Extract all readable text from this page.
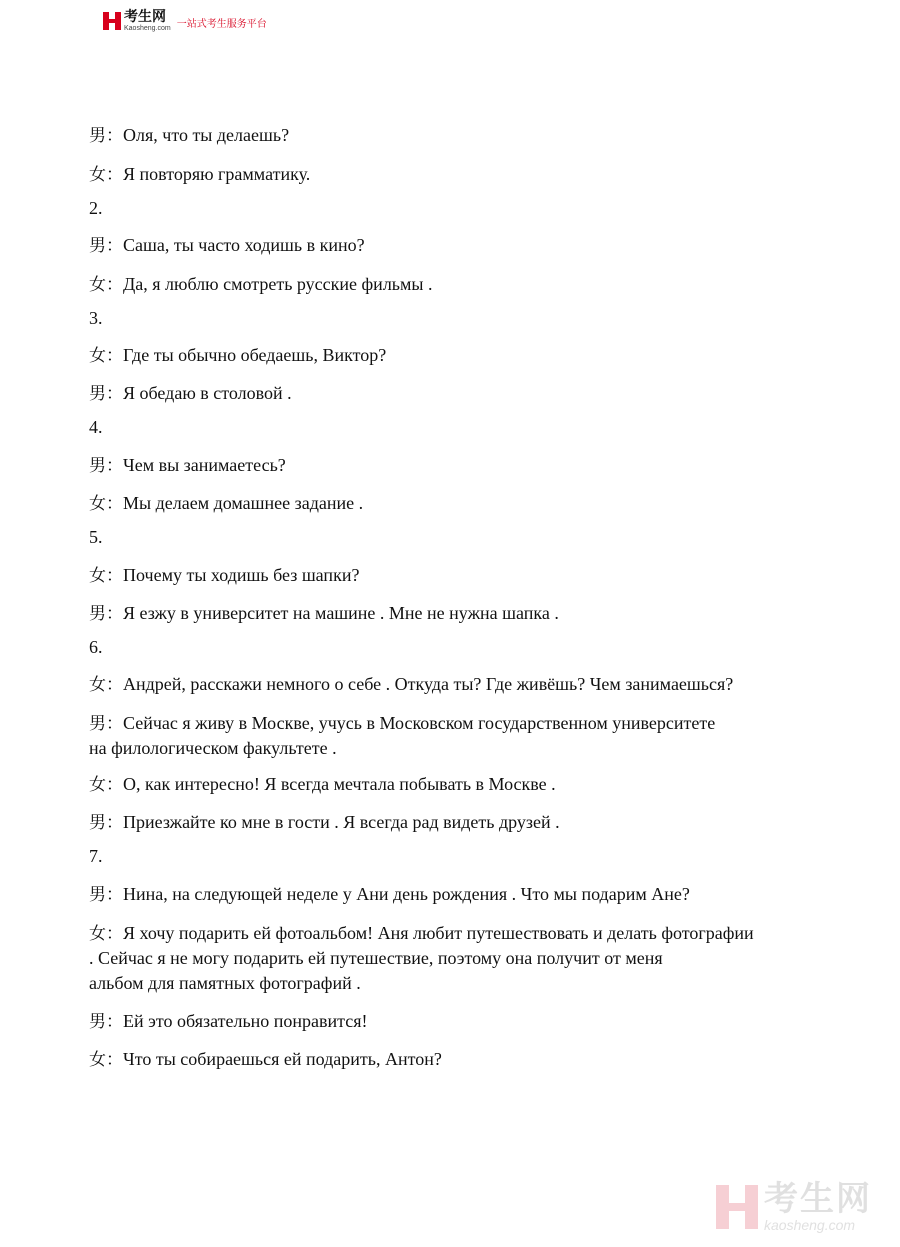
考生网
Kaosheng.com 一站式考生服务平台
男：Оля, что ты делаешь?
女：Я повторяю грамматику.
2.
男：Саша, ты часто ходишь в кино?
女：Да, я люблю смотреть русские фильмы .
3.
女：Где ты обычно обедаешь, Виктор?
男：Я обедаю в столовой .
4.
男：Чем вы занимаетесь?
女：Мы делаем домашнее задание .
5.
女：Почему ты ходишь без шапки?
男：Я езжу в университет на машине . Мне не нужна шапка .
6.
女：Андрей, расскажи немного о себе . Откуда ты? Где живёшь? Чем занимаешься?
男：Сейчас я живу в Москве, учусь в Московском государственном университете
на филологическом факультете .
女：О, как интересно! Я всегда мечтала побывать в Москве .
男：Приезжайте ко мне в гости . Я всегда рад видеть друзей .
7.
男：Нина, на следующей неделе у Ани день рождения . Что мы подарим Ане?
女：Я хочу подарить ей фотоальбом! Аня любит путешествовать и делать фотографии
. Сейчас я не могу подарить ей путешествие, поэтому она получит от меня
альбом для памятных фотографий .
男：Ей это обязательно понравится!
女：Что ты собираешься ей подарить, Антон?
考生网
kaosheng.com
